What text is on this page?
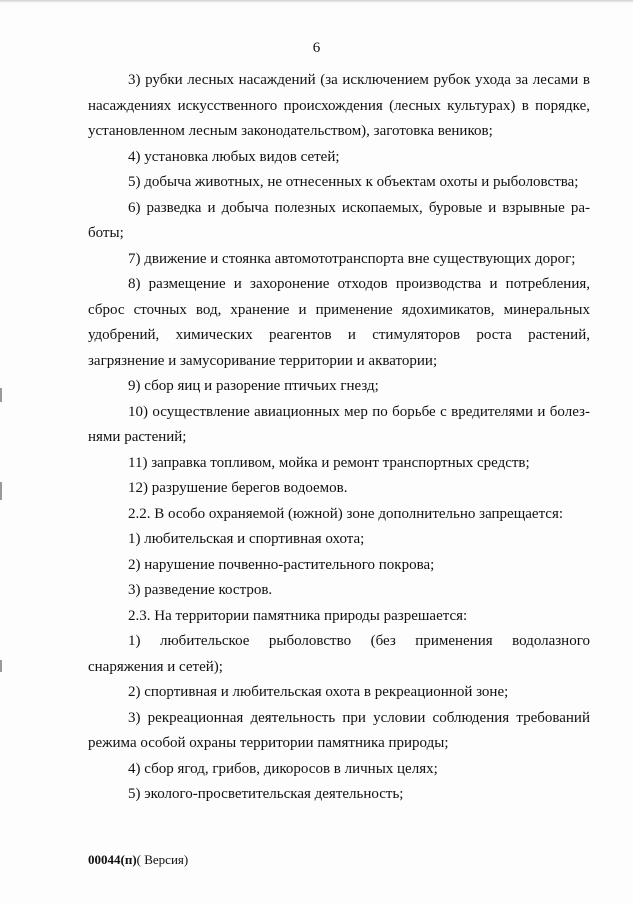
6

3) рубки лесных насаждений (за исключением рубок ухода за лесами в насаждениях искусственного происхождения (лесных культурах) в порядке, установленном лесным законодательством), заготовка веников;

4) установка любых видов сетей;

5) добыча животных, не отнесенных к объектам охоты и рыболовства;

6) разведка и добыча полезных ископаемых, буровые и взрывные работы;

7) движение и стоянка автомототранспорта вне существующих дорог;

8) размещение и захоронение отходов производства и потребления, сброс сточных вод, хранение и применение ядохимикатов, минеральных удобрений, химических реагентов и стимуляторов роста растений, загрязнение и замусоривание территории и акватории;

9) сбор яиц и разорение птичьих гнезд;

10) осуществление авиационных мер по борьбе с вредителями и болезнями растений;

11) заправка топливом, мойка и ремонт транспортных средств;

12) разрушение берегов водоемов.

2.2. В особо охраняемой (южной) зоне дополнительно запрещается:

1) любительская и спортивная охота;

2) нарушение почвенно-растительного покрова;

3) разведение костров.

2.3. На территории памятника природы разрешается:

1) любительское рыболовство (без применения водолазного снаряжения и сетей);

2) спортивная и любительская охота в рекреационной зоне;

3) рекреационная деятельность при условии соблюдения требований режима особой охраны территории памятника природы;

4) сбор ягод, грибов, дикоросов в личных целях;

5) эколого-просветительская деятельность;

00044(п)( Версия)
